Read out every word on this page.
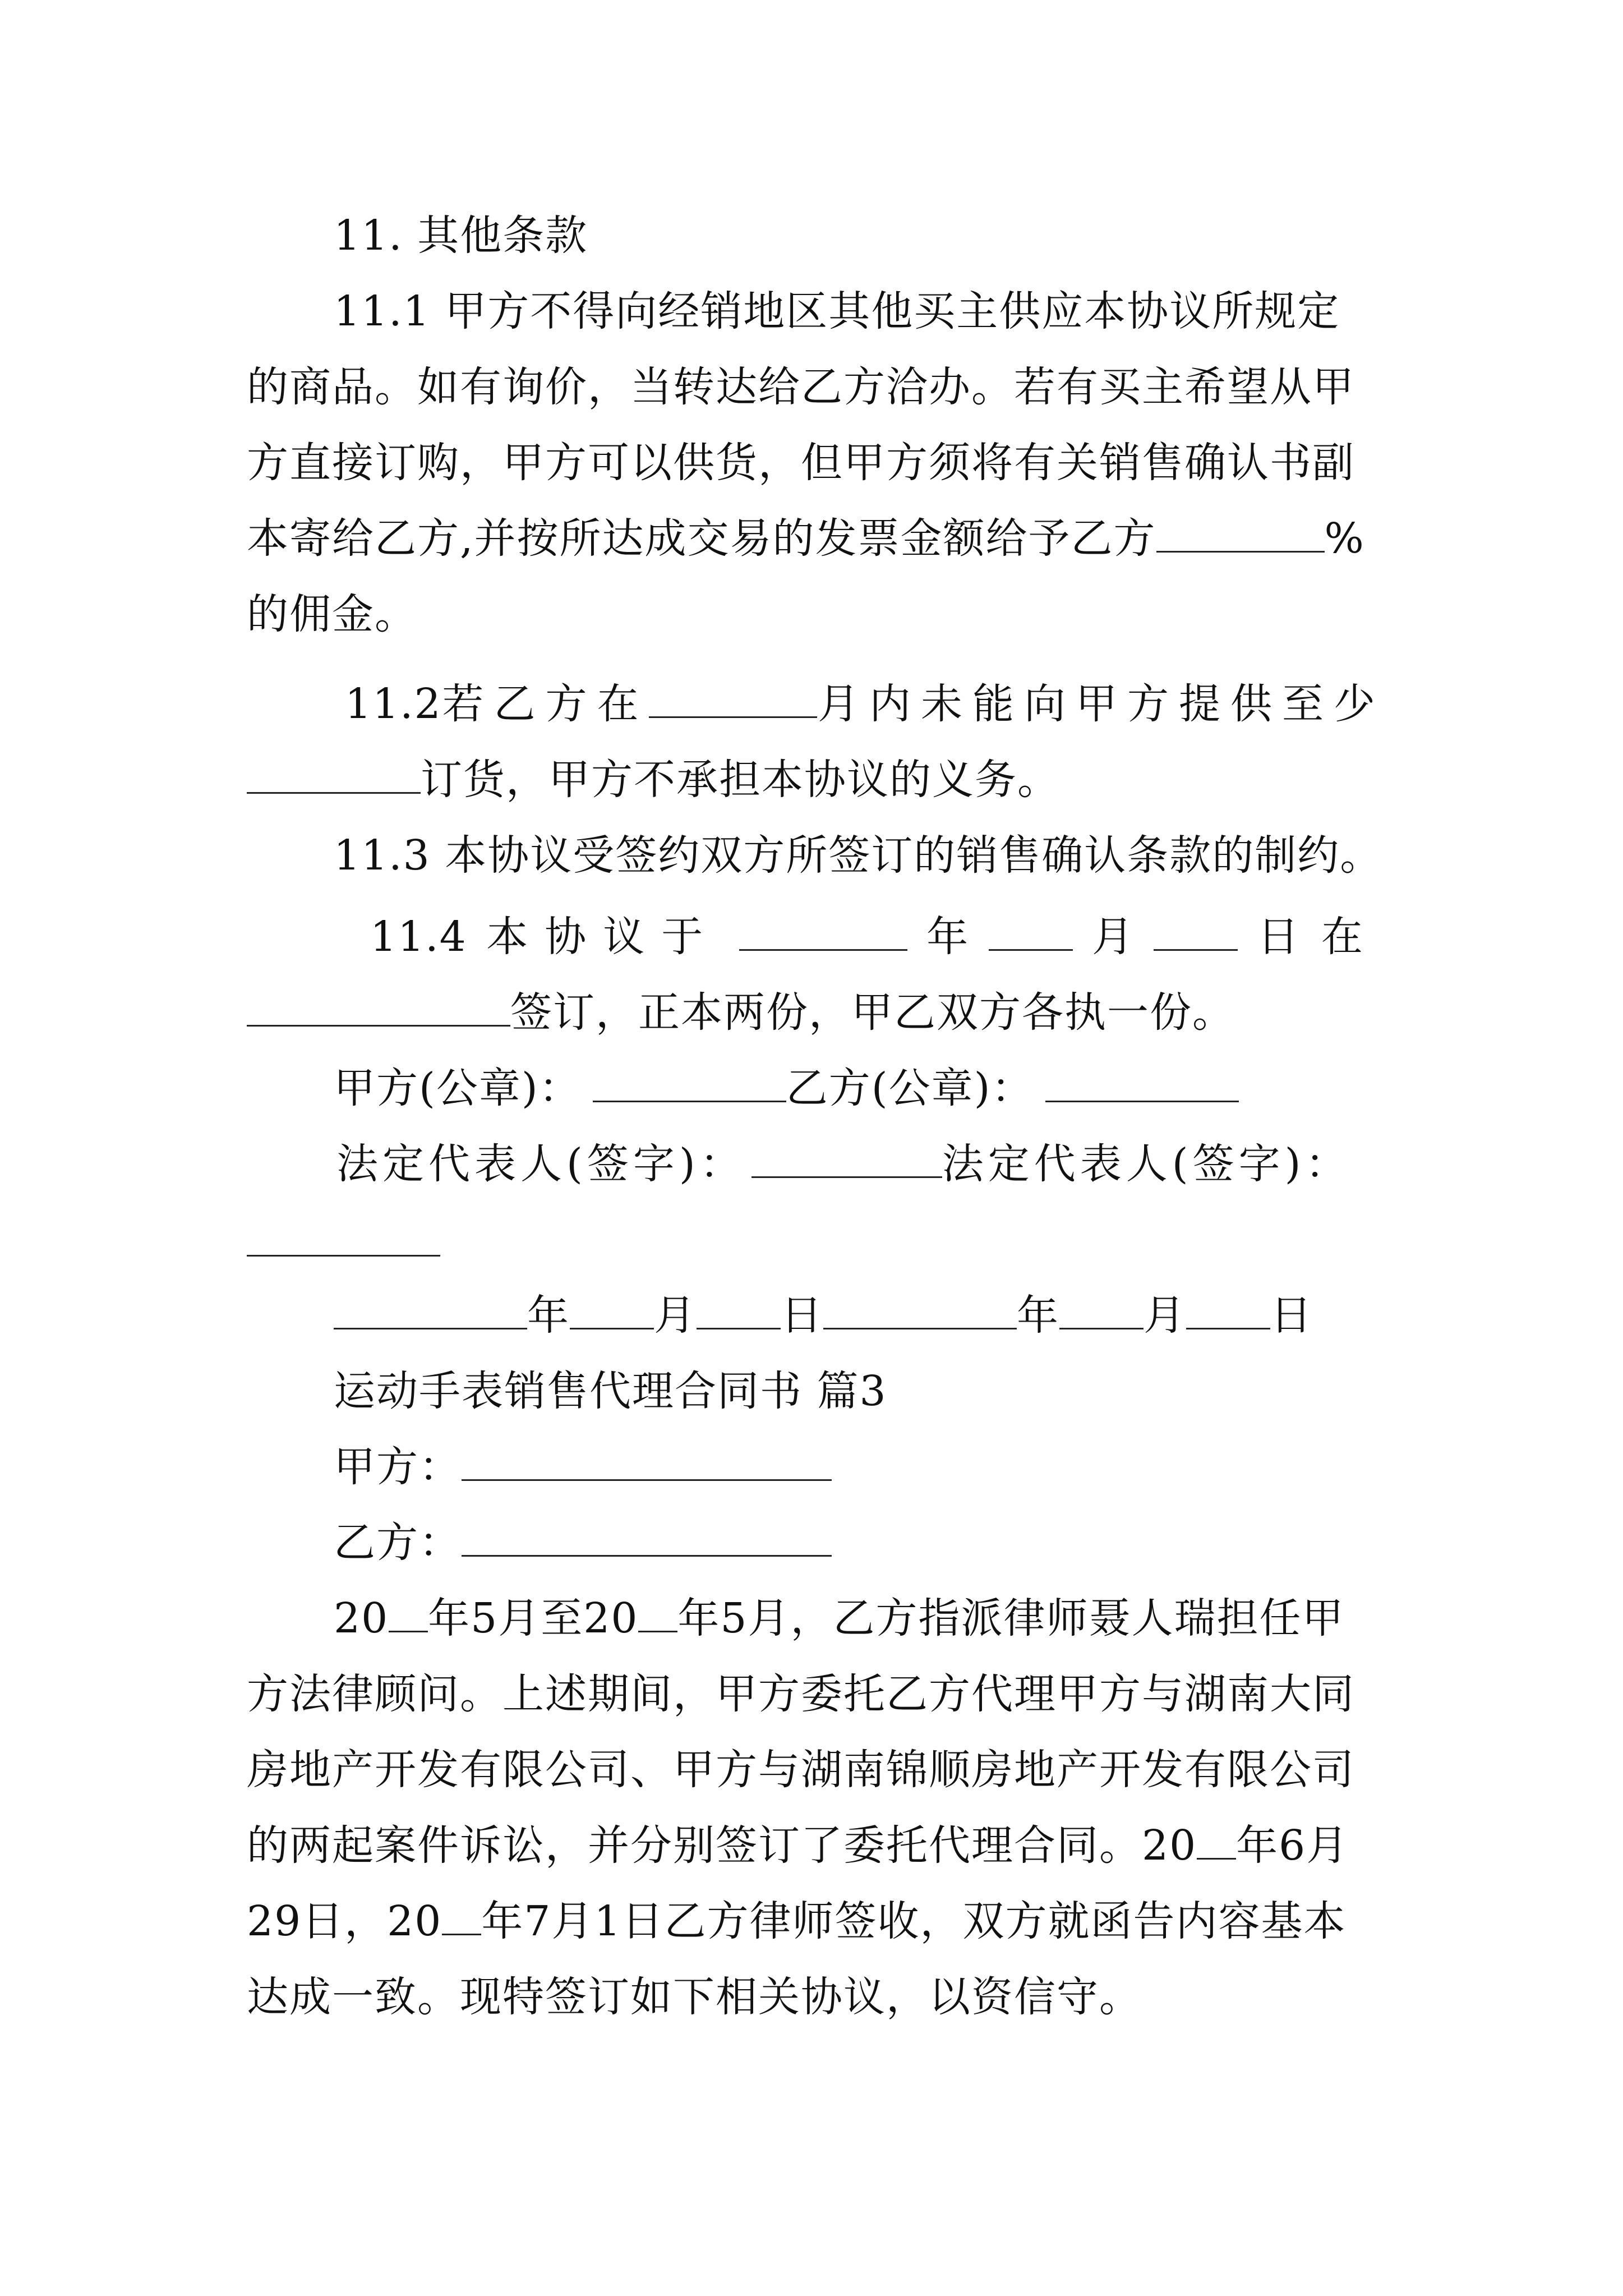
11. 其他条款
11.1 甲方不得向经销地区其他买主供应本协议所规定
的商品。如有询价，当转达给乙方洽办。若有买主希望从甲
方直接订购，甲方可以供货，但甲方须将有关销售确认书副
本寄给乙方,并按所达成交易的发票金额给予乙方	%
的佣金。
11.2 若乙方在	月内未能向甲方提供至少
订货，甲方不承担本协议的义务。
11.3 本协议受签约双方所签订的销售确认条款的制约。
11.4 本协议于	年	月	日在
签订，正本两份，甲乙双方各执一份。
甲方(公章)：	乙方(公章)：
法定代表人(签字)：	法定代表人(签字)：
年 月 日	年 月 日
运动手表销售代理合同书 篇3
甲方：
乙方：
20 年5月至20 年5月，乙方指派律师聂人瑞担任甲
方法律顾问。上述期间，甲方委托乙方代理甲方与湖南大同
房地产开发有限公司、甲方与湖南锦顺房地产开发有限公司
的两起案件诉讼，并分别签订了委托代理合同。20 年6月
29日，20 年7月1日乙方律师签收，双方就函告内容基本
达成一致。现特签订如下相关协议，以资信守。
